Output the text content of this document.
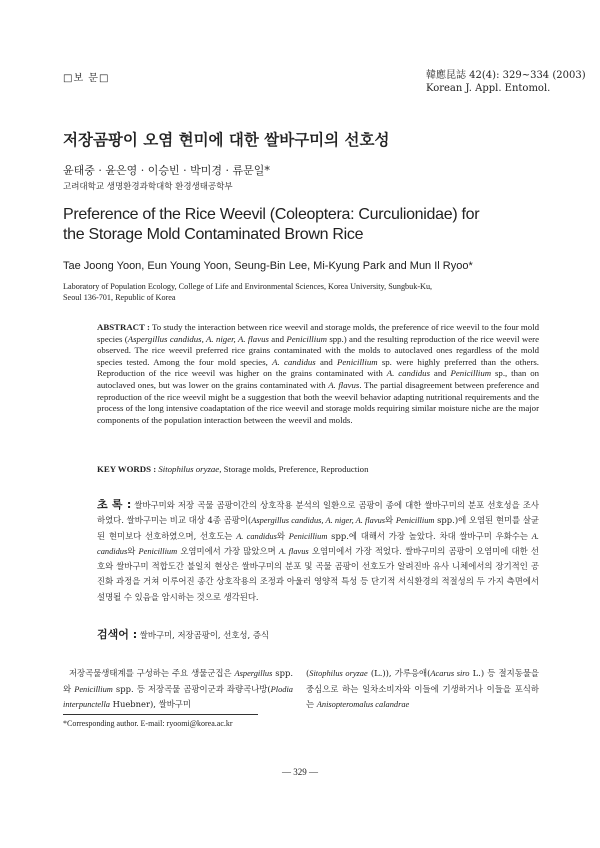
□보 문□	韓應昆誌 42(4): 329~334 (2003)
Korean J. Appl. Entomol.
저장곰팡이 오염 현미에 대한 쌀바구미의 선호성
윤태중 · 윤은영 · 이승빈 · 박미경 · 류문일*
고려대학교 생명환경과학대학 환경생태공학부
Preference of the Rice Weevil (Coleoptera: Curculionidae) for
the Storage Mold Contaminated Brown Rice
Tae Joong Yoon, Eun Young Yoon, Seung-Bin Lee, Mi-Kyung Park and Mun Il Ryoo*
Laboratory of Population Ecology, College of Life and Environmental Sciences, Korea University, Sungbuk-Ku,
Seoul 136-701, Republic of Korea
ABSTRACT : To study the interaction between rice weevil and storage molds, the preference of rice weevil to the four mold species (Aspergillus candidus, A. niger, A. flavus and Penicillium spp.) and the resulting reproduction of the rice weevil were observed. The rice weevil preferred rice grains contaminated with the molds to autoclaved ones regardless of the mold species tested. Among the four mold species, A. candidus and Penicillium sp. were highly preferred than the others. Reproduction of the rice weevil was higher on the grains contaminated with A. candidus and Penicillium sp., than on autoclaved ones, but was lower on the grains contaminated with A. flavus. The partial disagreement between preference and reproduction of the rice weevil might be a suggestion that both the weevil behavior adapting nutritional requirements and the process of the long intensive coadaptation of the rice weevil and storage molds requiring similar moisture niche are the major components of the population interaction between the weevil and molds.
KEY WORDS : Sitophilus oryzae, Storage molds, Preference, Reproduction
초 록 : 쌀바구미와 저장 곡물 곰팡이간의 상호작용 분석의 일환으로 곰팡이 종에 대한 쌀바구미의 분포 선호성을 조사하였다. 쌀바구미는 비교 대상 4종 곰팡이(Aspergillus candidus, A. niger, A. flavus와 Penicillium spp.)에 오염된 현미를 살균된 현미보다 선호하였으며, 선호도는 A. candidus와 Penicillium spp.에 대해서 가장 높았다. 차대 쌀바구미 우화수는 A. candidus와 Penicillium 오염미에서 가장 많았으며 A. flavus 오염미에서 가장 적었다. 쌀바구미의 곰팡이 오염미에 대한 선호와 쌀바구미 적합도간 불일치 현상은 쌀바구미의 분포 및 곡물 곰팡이 선호도가 알려진바 유사 니체에서의 장기적인 공진화 과정을 거쳐 이루어진 종간 상호작용의 조정과 아울러 영양적 특성 등 단기적 서식환경의 적절성의 두 가지 측면에서 설명될 수 있음을 암시하는 것으로 생각된다.
검색어 : 쌀바구미, 저장곰팡이, 선호성, 증식
저장곡물생태계를 구성하는 주요 생물군집은 Aspergillus spp.와 Penicillium spp. 등 저장곡물 곰팡이군과 좌량곡나방(Plodia interpunctella Huebner), 쌀바구미
(Sitophilus oryzae (L.)), 가루응애(Acarus siro L.) 등 절지동물을 중심으로 하는 일차소비자와 이들에 기생하거나 이들을 포식하는 Anisopteromalus calandrae
*Corresponding author. E-mail: ryoomi@korea.ac.kr
— 329 —
